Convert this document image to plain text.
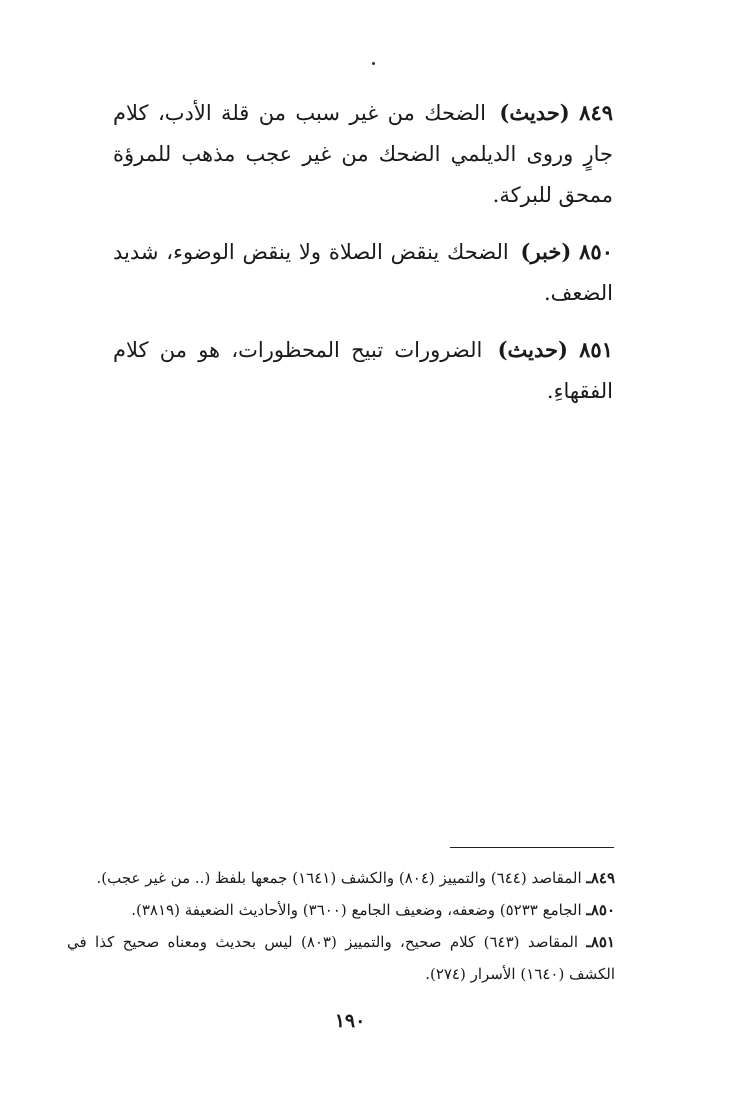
٨٤٩ (حديث) الضحك من غير سبب من قلة الأدب، كلام جارٍ وروى الديلمي الضحك من غير عجب مذهب للمرؤة ممحق للبركة.

٨٥٠ (خبر) الضحك ينقض الصلاة ولا ينقض الوضوء، شديد الضعف.

٨٥١ (حديث) الضرورات تبيح المحظورات، هو من كلام الفقهاءِ.

٨٤٩ـ المقاصد (٦٤٤) والتمييز (٨٠٤) والكشف (١٦٤١) جمعها بلفظ (.. من غير عجب).

٨٥٠ـ الجامع ٥٢٣٣) وضعفه، وضعيف الجامع (٣٦٠٠) والأحاديث الضعيفة (٣٨١٩).

٨٥١ـ المقاصد (٦٤٣) كلام صحيح، والتمييز (٨٠٣) ليس بحديث ومعناه صحيح كذا في الكشف (١٦٤٠) الأسرار (٢٧٤).

١٩٠
